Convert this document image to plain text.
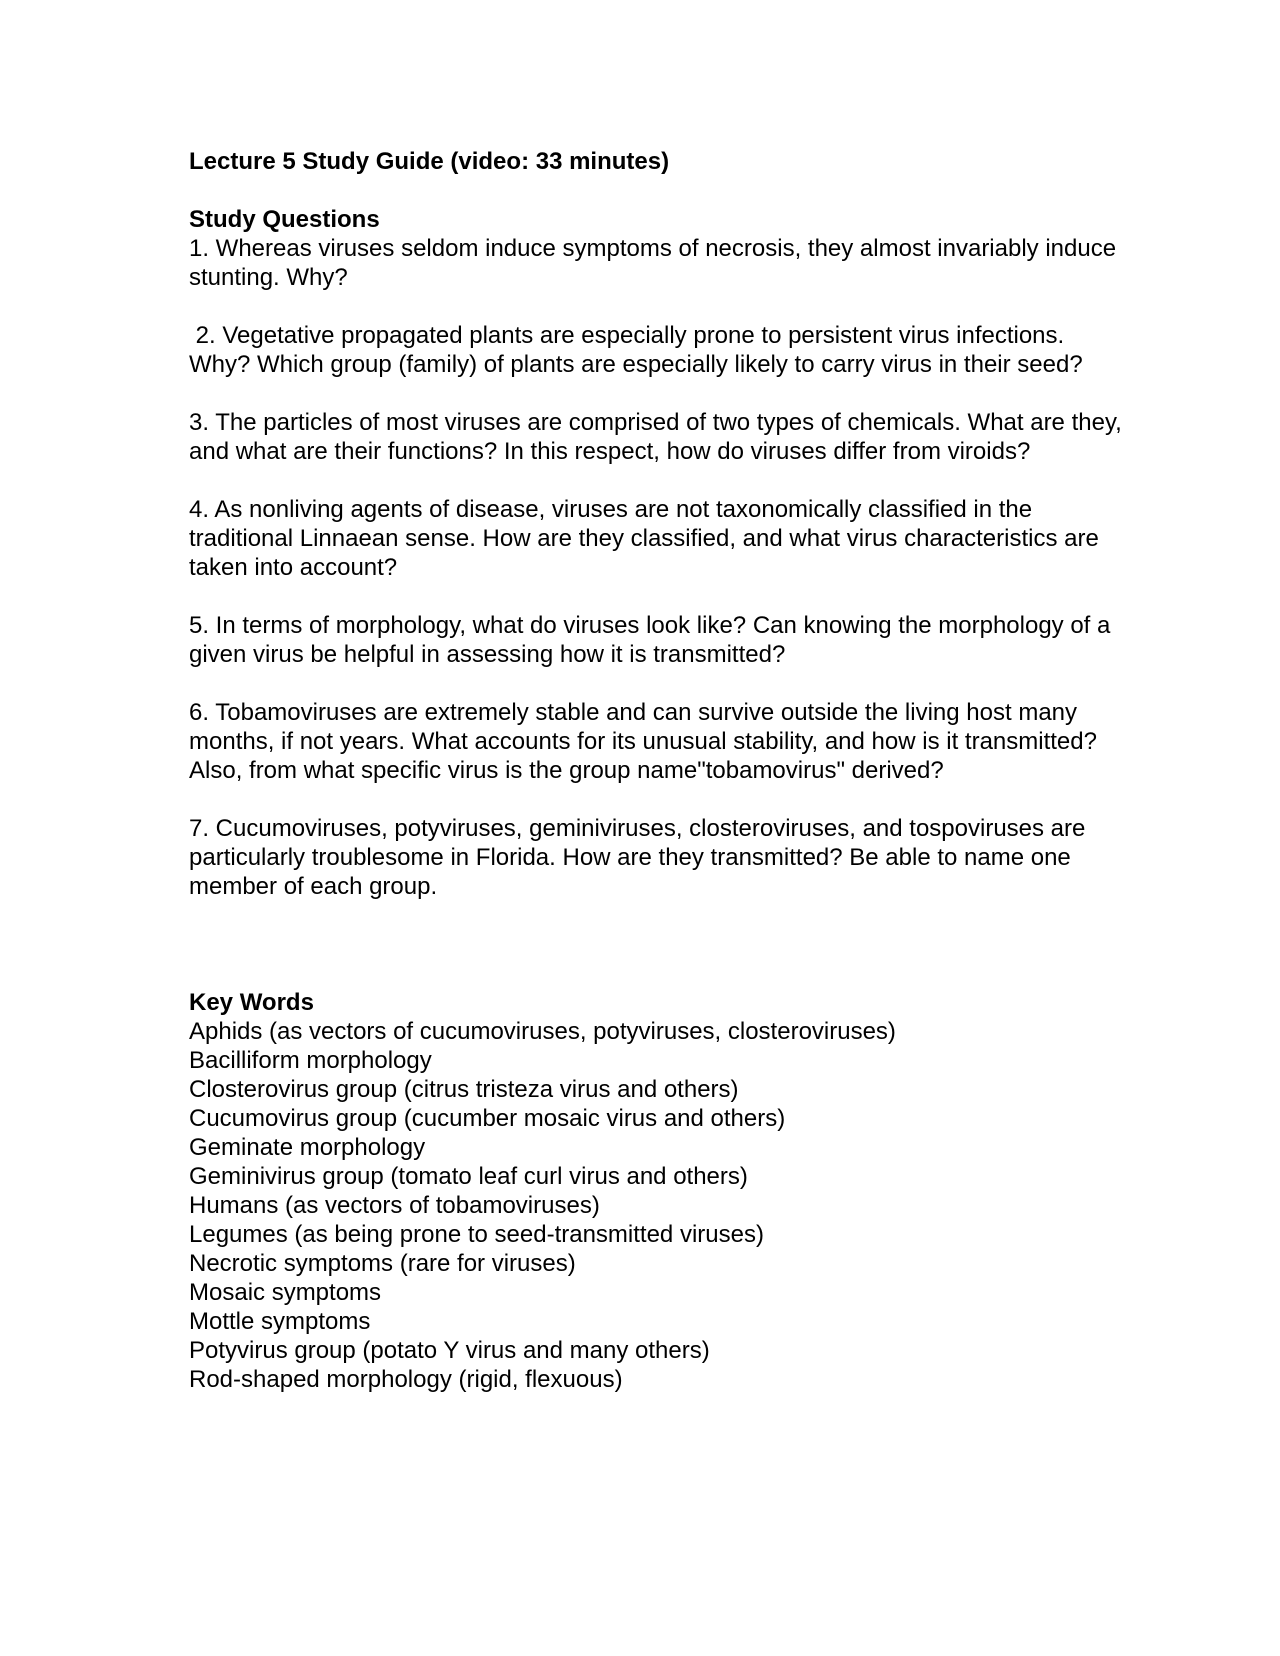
Lecture 5 Study Guide (video: 33 minutes)

Study Questions

1. Whereas viruses seldom induce symptoms of necrosis, they almost invariably induce stunting. Why?

2. Vegetative propagated plants are especially prone to persistent virus infections. Why? Which group (family) of plants are especially likely to carry virus in their seed?

3. The particles of most viruses are comprised of two types of chemicals. What are they, and what are their functions? In this respect, how do viruses differ from viroids?

4. As nonliving agents of disease, viruses are not taxonomically classified in the traditional Linnaean sense. How are they classified, and what virus characteristics are taken into account?

5. In terms of morphology, what do viruses look like? Can knowing the morphology of a given virus be helpful in assessing how it is transmitted?

6. Tobamoviruses are extremely stable and can survive outside the living host many months, if not years. What accounts for its unusual stability, and how is it transmitted? Also, from what specific virus is the group name"tobamovirus" derived?

7. Cucumoviruses, potyviruses, geminiviruses, closteroviruses, and tospoviruses are particularly troublesome in Florida. How are they transmitted? Be able to name one member of each group.

Key Words

Aphids (as vectors of cucumoviruses, potyviruses, closteroviruses)

Bacilliform morphology

Closterovirus group (citrus tristeza virus and others)

Cucumovirus group (cucumber mosaic virus and others)

Geminate morphology

Geminivirus group (tomato leaf curl virus and others)

Humans (as vectors of tobamoviruses)

Legumes (as being prone to seed-transmitted viruses)

Necrotic symptoms (rare for viruses)

Mosaic symptoms

Mottle symptoms

Potyvirus group (potato Y virus and many others)

Rod-shaped morphology (rigid, flexuous)
